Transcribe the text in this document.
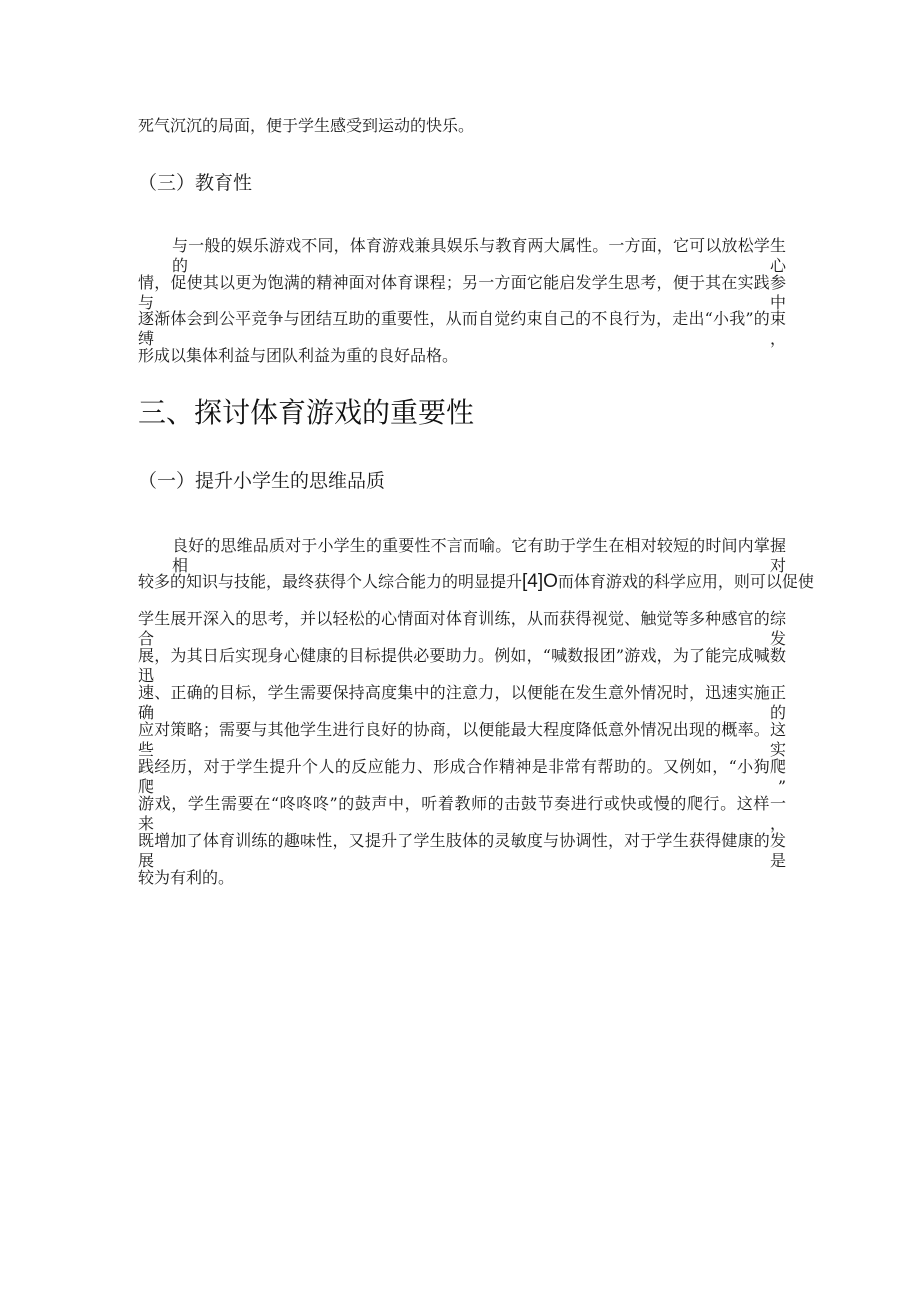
死气沉沉的局面，便于学生感受到运动的快乐。
（三）教育性
与一般的娱乐游戏不同，体育游戏兼具娱乐与教育两大属性。一方面，它可以放松学生的心
情，促使其以更为饱满的精神面对体育课程；另一方面它能启发学生思考，便于其在实践参与中
逐渐体会到公平竞争与团结互助的重要性，从而自觉约束自己的不良行为，走出“小我”的束缚，
形成以集体利益与团队利益为重的良好品格。
三、探讨体育游戏的重要性
（一）提升小学生的思维品质
良好的思维品质对于小学生的重要性不言而喻。它有助于学生在相对较短的时间内掌握相对
较多的知识与技能，最终获得个人综合能力的明显提升[4]O而体育游戏的科学应用，则可以促使
学生展开深入的思考，并以轻松的心情面对体育训练，从而获得视觉、触觉等多种感官的综合发
展，为其日后实现身心健康的目标提供必要助力。例如，“喊数报团”游戏，为了能完成喊数迅
速、正确的目标，学生需要保持高度集中的注意力，以便能在发生意外情况时，迅速实施正确的
应对策略；需要与其他学生进行良好的协商，以便能最大程度降低意外情况出现的概率。这些实
践经历，对于学生提升个人的反应能力、形成合作精神是非常有帮助的。又例如，“小狗爬爬”
游戏，学生需要在“咚咚咚”的鼓声中，听着教师的击鼓节奏进行或快或慢的爬行。这样一来，
既增加了体育训练的趣味性，又提升了学生肢体的灵敏度与协调性，对于学生获得健康的发展是
较为有利的。
